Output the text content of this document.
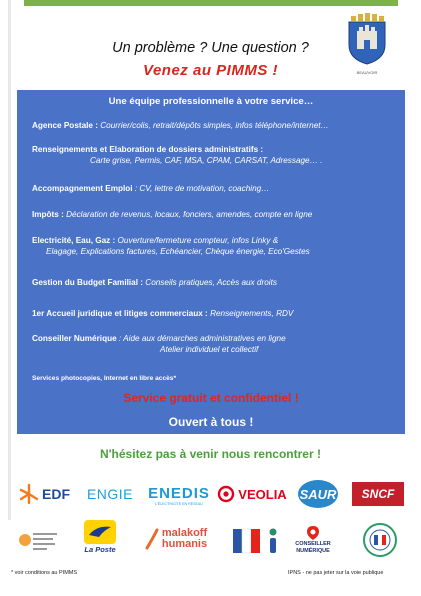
Un problème ? Une question ?
Venez au PIMMS !	BEAUVOIR
Une équipe professionnelle à votre service…
Agence Postale : Courrier/colis, retrait/dépôts simples, infos téléphone/internet…
Renseignements et Elaboration de dossiers administratifs :
Carte grise, Permis, CAF, MSA, CPAM, CARSAT, Adressage… .
Accompagnement Emploi : CV, lettre de motivation, coaching…
Impôts : Déclaration de revenus, locaux, fonciers, amendes, compte en ligne
Electricité, Eau, Gaz : Ouverture/fermeture compteur, infos Linky &
Elagage, Explications factures, Echéancier, Chèque énergie, Eco'Gestes
Gestion du Budget Familial : Conseils pratiques, Accès aux droits
1er Accueil juridique et litiges commerciaux : Renseignements, RDV
Conseiller Numérique : Aide aux démarches administratives en ligne
Atelier individuel et collectif
Services photocopies, Internet en libre accès*
Service gratuit et confidentiel !
Ouvert à tous !
N'hésitez pas à venir nous rencontrer !
EDF ENGIE ENEDIS
L'ÉLECTRICITÉ EN RÉSEAU
VEOLIA SAUR SNCF
La Poste
malakoff
humanis	CONSEILLER
NUMÉRIQUE
* voir conditions au PIMMS	IPNS - ne pas jeter sur la voie publique
